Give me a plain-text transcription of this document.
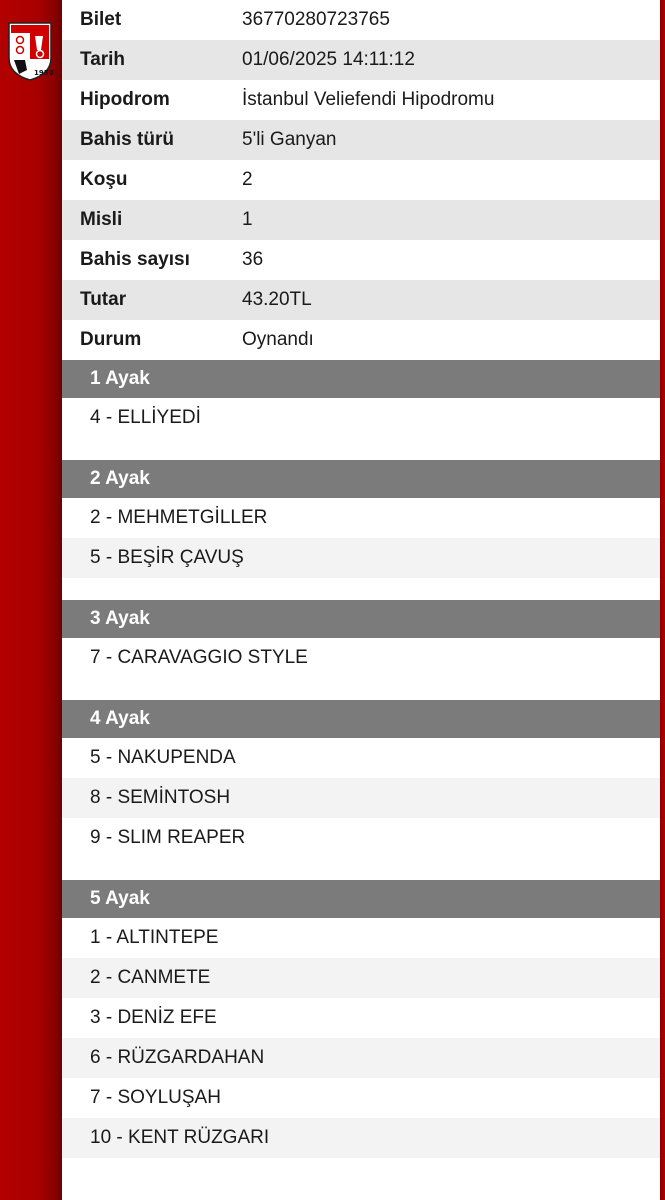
1950
Bilet	36770280723765
Tarih	01/06/2025 14:11:12
Hipodrom	İstanbul Veliefendi Hipodromu
Bahis türü	5'li Ganyan
Koşu	2
Misli	1
Bahis sayısı	36
Tutar	43.20TL
Durum	Oynandı
1 Ayak
4 - ELLİYEDİ
2 Ayak
2 - MEHMETGİLLER
5 - BEŞİR ÇAVUŞ
3 Ayak
7 - CARAVAGGIO STYLE
4 Ayak
5 - NAKUPENDA
8 - SEMİNTOSH
9 - SLIM REAPER
5 Ayak
1 - ALTINTEPE
2 - CANMETE
3 - DENİZ EFE
6 - RÜZGARDAHAN
7 - SOYLUŞAH
10 - KENT RÜZGARI
